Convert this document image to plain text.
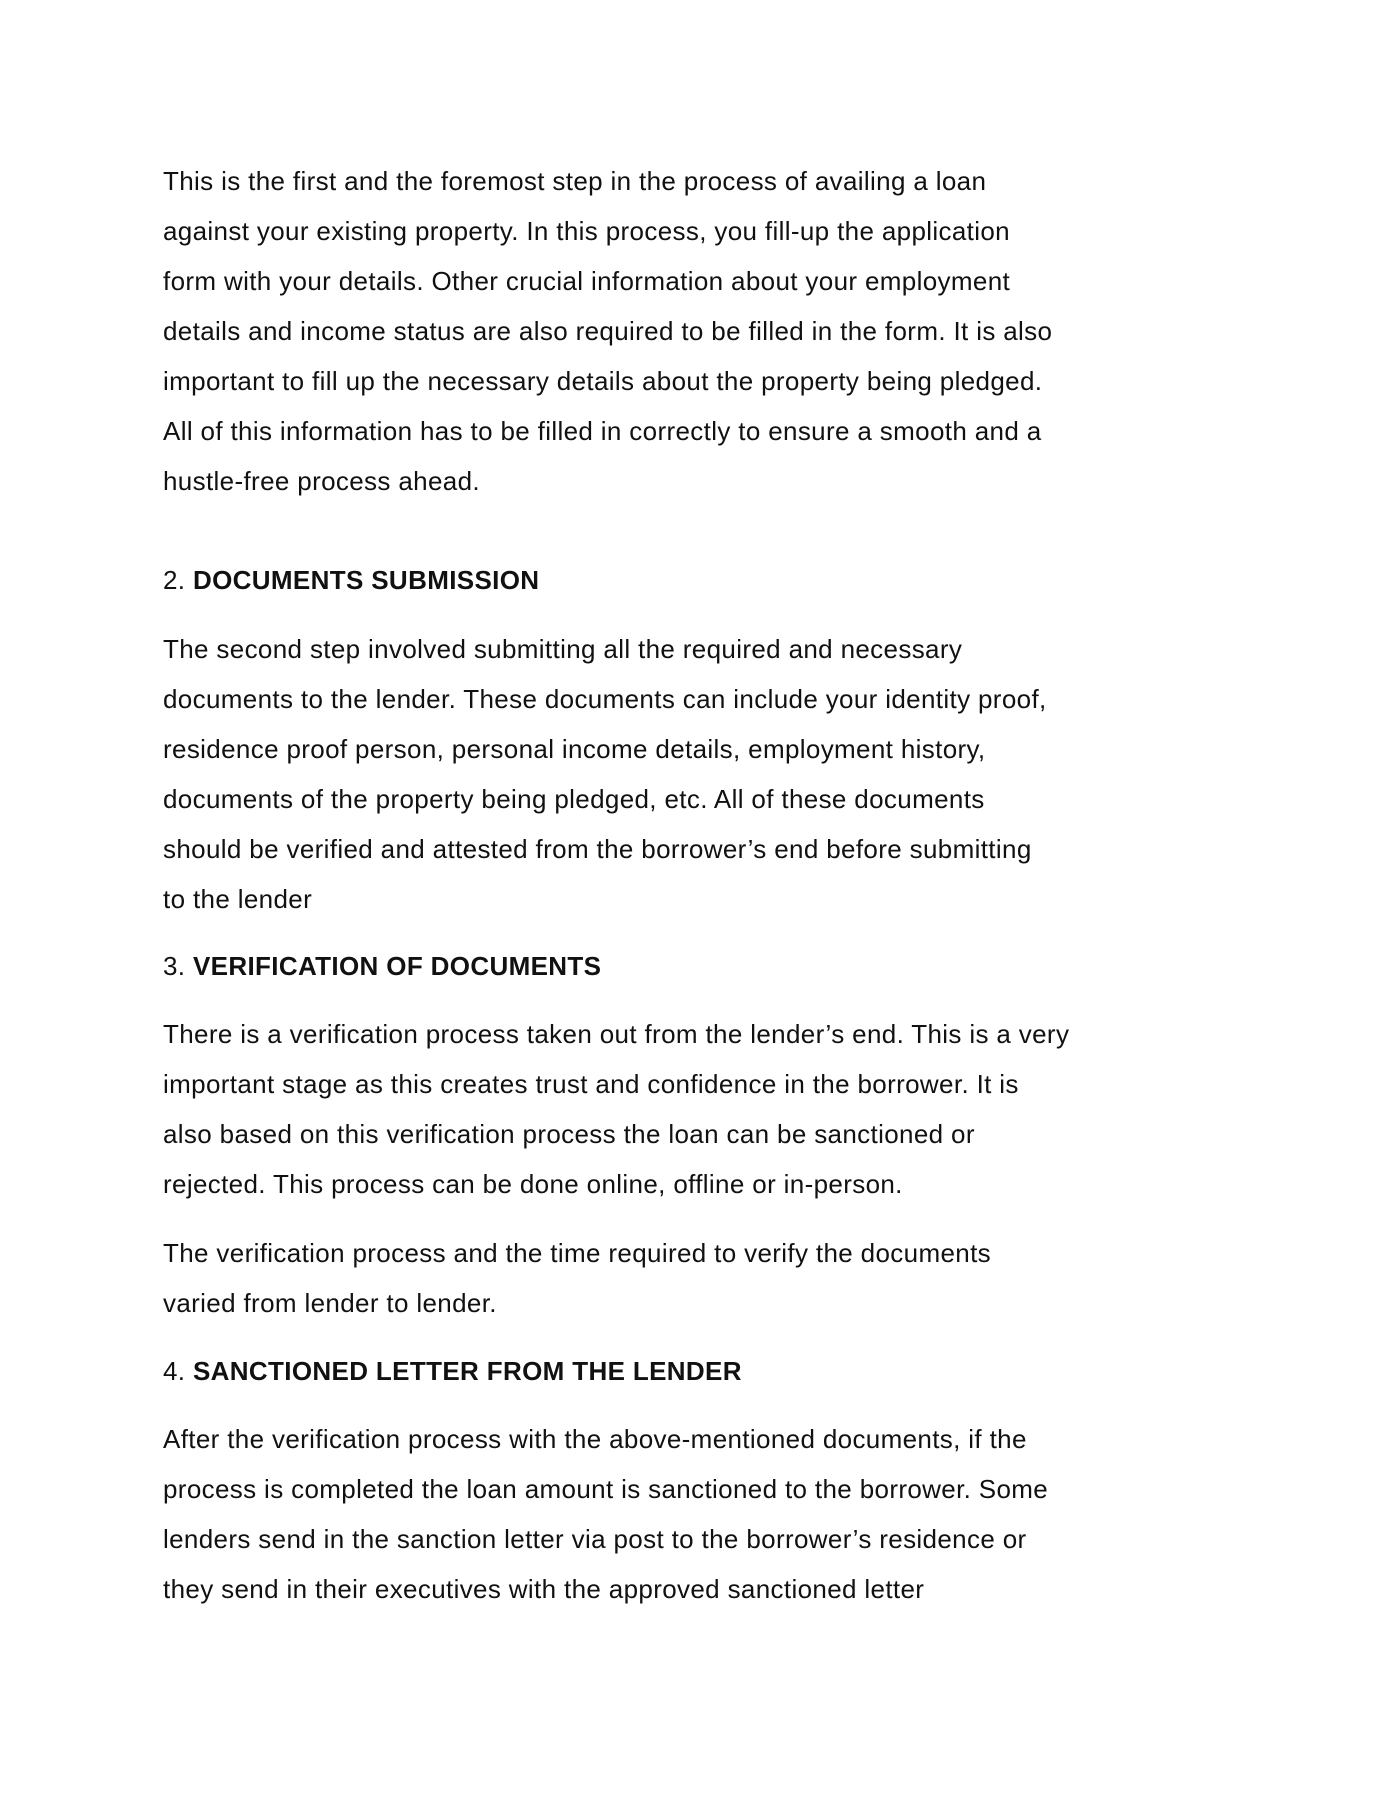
This is the first and the foremost step in the process of availing a loan
against your existing property. In this process, you fill-up the application
form with your details. Other crucial information about your employment
details and income status are also required to be filled in the form. It is also
important to fill up the necessary details about the property being pledged.
All of this information has to be filled in correctly to ensure a smooth and a
hustle-free process ahead.
2. DOCUMENTS SUBMISSION
The second step involved submitting all the required and necessary
documents to the lender. These documents can include your identity proof,
residence proof person, personal income details, employment history,
documents of the property being pledged, etc. All of these documents
should be verified and attested from the borrower’s end before submitting
to the lender
3. VERIFICATION OF DOCUMENTS
There is a verification process taken out from the lender’s end. This is a very
important stage as this creates trust and confidence in the borrower. It is
also based on this verification process the loan can be sanctioned or
rejected. This process can be done online, offline or in-person.
The verification process and the time required to verify the documents
varied from lender to lender.
4. SANCTIONED LETTER FROM THE LENDER
After the verification process with the above-mentioned documents, if the
process is completed the loan amount is sanctioned to the borrower. Some
lenders send in the sanction letter via post to the borrower’s residence or
they send in their executives with the approved sanctioned letter
